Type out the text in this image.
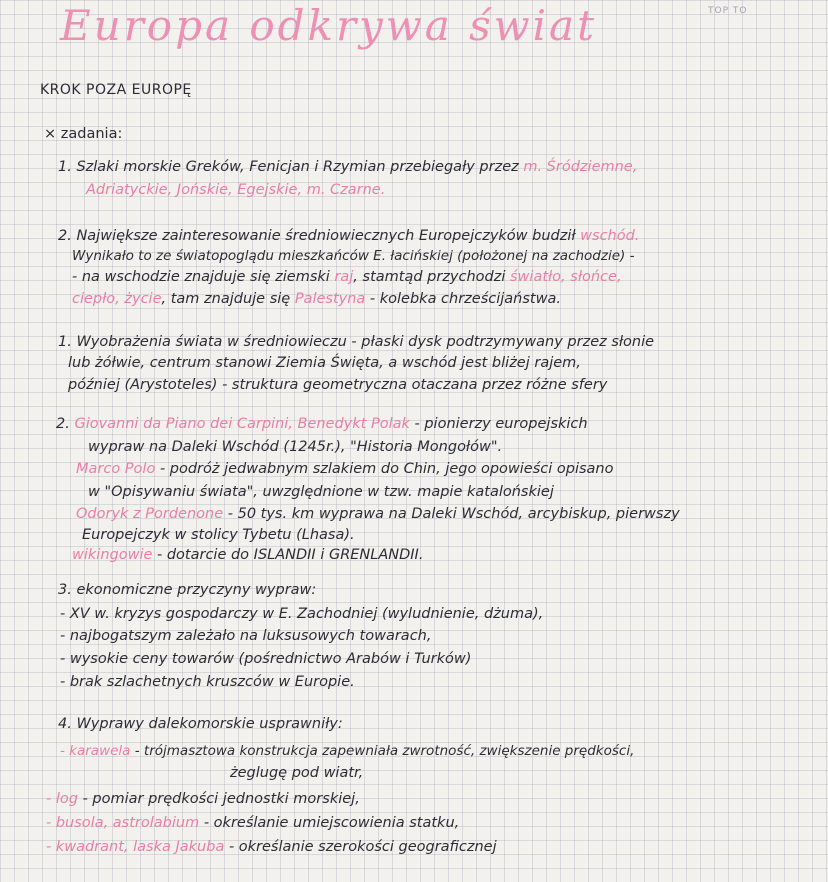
Europa odkrywa świat	TOP TO
KROK POZA EUROPĘ
× zadania:
1. Szlaki morskie Greków, Fenicjan i Rzymian przebiegały przez m. Śródziemne,
Adriatyckie, Jońskie, Egejskie, m. Czarne.
2. Największe zainteresowanie średniowiecznych Europejczyków budził wschód.
Wynikało to ze światopoglądu mieszkańców E. łacińskiej (położonej na zachodzie) -
- na wschodzie znajduje się ziemski raj, stamtąd przychodzi światło, słońce,
ciepło, życie, tam znajduje się Palestyna - kolebka chrześcijaństwa.
1. Wyobrażenia świata w średniowieczu - płaski dysk podtrzymywany przez słonie
lub żółwie, centrum stanowi Ziemia Święta, a wschód jest bliżej rajem,
później (Arystoteles) - struktura geometryczna otaczana przez różne sfery
2. Giovanni da Piano dei Carpini, Benedykt Polak - pionierzy europejskich
wypraw na Daleki Wschód (1245r.), "Historia Mongołów".
Marco Polo - podróż jedwabnym szlakiem do Chin, jego opowieści opisano
w "Opisywaniu świata", uwzględnione w tzw. mapie katalońskiej
Odoryk z Pordenone - 50 tys. km wyprawa na Daleki Wschód, arcybiskup, pierwszy
Europejczyk w stolicy Tybetu (Lhasa).
wikingowie - dotarcie do ISLANDII i GRENLANDII.
3. ekonomiczne przyczyny wypraw:
- XV w. kryzys gospodarczy w E. Zachodniej (wyludnienie, dżuma),
- najbogatszym zależało na luksusowych towarach,
- wysokie ceny towarów (pośrednictwo Arabów i Turków)
- brak szlachetnych kruszców w Europie.
4. Wyprawy dalekomorskie usprawniły:
- karawela - trójmasztowa konstrukcja zapewniała zwrotność, zwiększenie prędkości,
żeglugę pod wiatr,
- log - pomiar prędkości jednostki morskiej,
- busola, astrolabium - określanie umiejscowienia statku,
- kwadrant, laska Jakuba - określanie szerokości geograficznej
